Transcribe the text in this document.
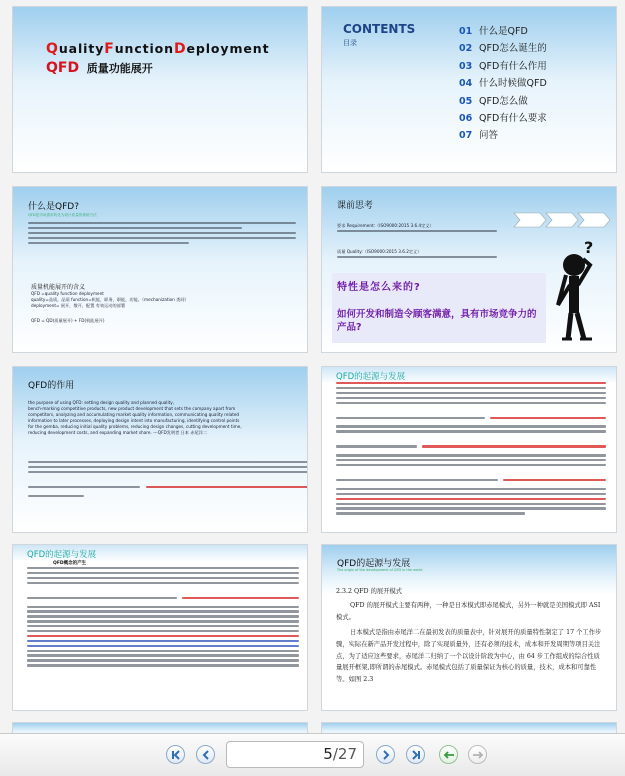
QualityFunctionDeployment
QFD 质量功能展开
CONTENTS
目录
01 什么是QFD
02 QFD怎么诞生的
03 QFD有什么作用
04 什么时候做QFD
05 QFD怎么做
06 QFD有什么要求
07 问答
什么是QFD?
QFD是市场需求转化为设计质量的系统方法
质量机能展开的含义
QFD =quality function deployment
quality=品质，品质 function=机能，职务，职能，功能。（mechanization 类同）
deployment= 展开，散开，配置 有效运动的部署
QFD = QD(质量展开) + FD(机能展开)
课前思考
要求 Requirement:（ISO9000:2015 3.6.4定义）
质量 Quality:（ISO9000:2015 3.6.2定义）	?
特性是怎么来的?
如何开发和制造令顾客满意，具有市场竞争力的产品?
QFD的作用
the purpose of using QFD: setting design quality and planned quality,
bench-marking competitive products, new product development that sets the company apart from
competitors, analyzing and accumulating market quality information, communicating quality related
information to later processes, deploying design intent into manufacturing, identifying control points
for the gemba, reducing initial quality problems, reducing design changes, cutting development time,
reducing development costs, and expanding market share. ---QFD发明者 日本 赤尾洋二
QFD的起源与发展
QFD的起源与发展
QFD概念的产生	QFD的起源与发展
The origin of the development of QFD in the world
2.3.2 QFD 的展开模式
QFD 的展开模式主要有两种，一种是日本模式即赤尾模式，另外一种就是美国模式即 ASI 模式。
日本模式是指由赤尾洋二在最初发表的质量表中，针对展开的质量特性制定了 17 个工作步骤，实际在新产品开发过程中，除了实现质量外，还有必须的技术，成本和开发周期等项目关注点，为了适应这些要求，赤尾洋二归纳了一个以设计阶段为中心，由 64 步工作组成的综合性质量展开框架,即所谓的赤尾模式。赤尾模式包括了质量保证为核心的质量，技术，成本和可靠性等。如图 2.3
5/27
